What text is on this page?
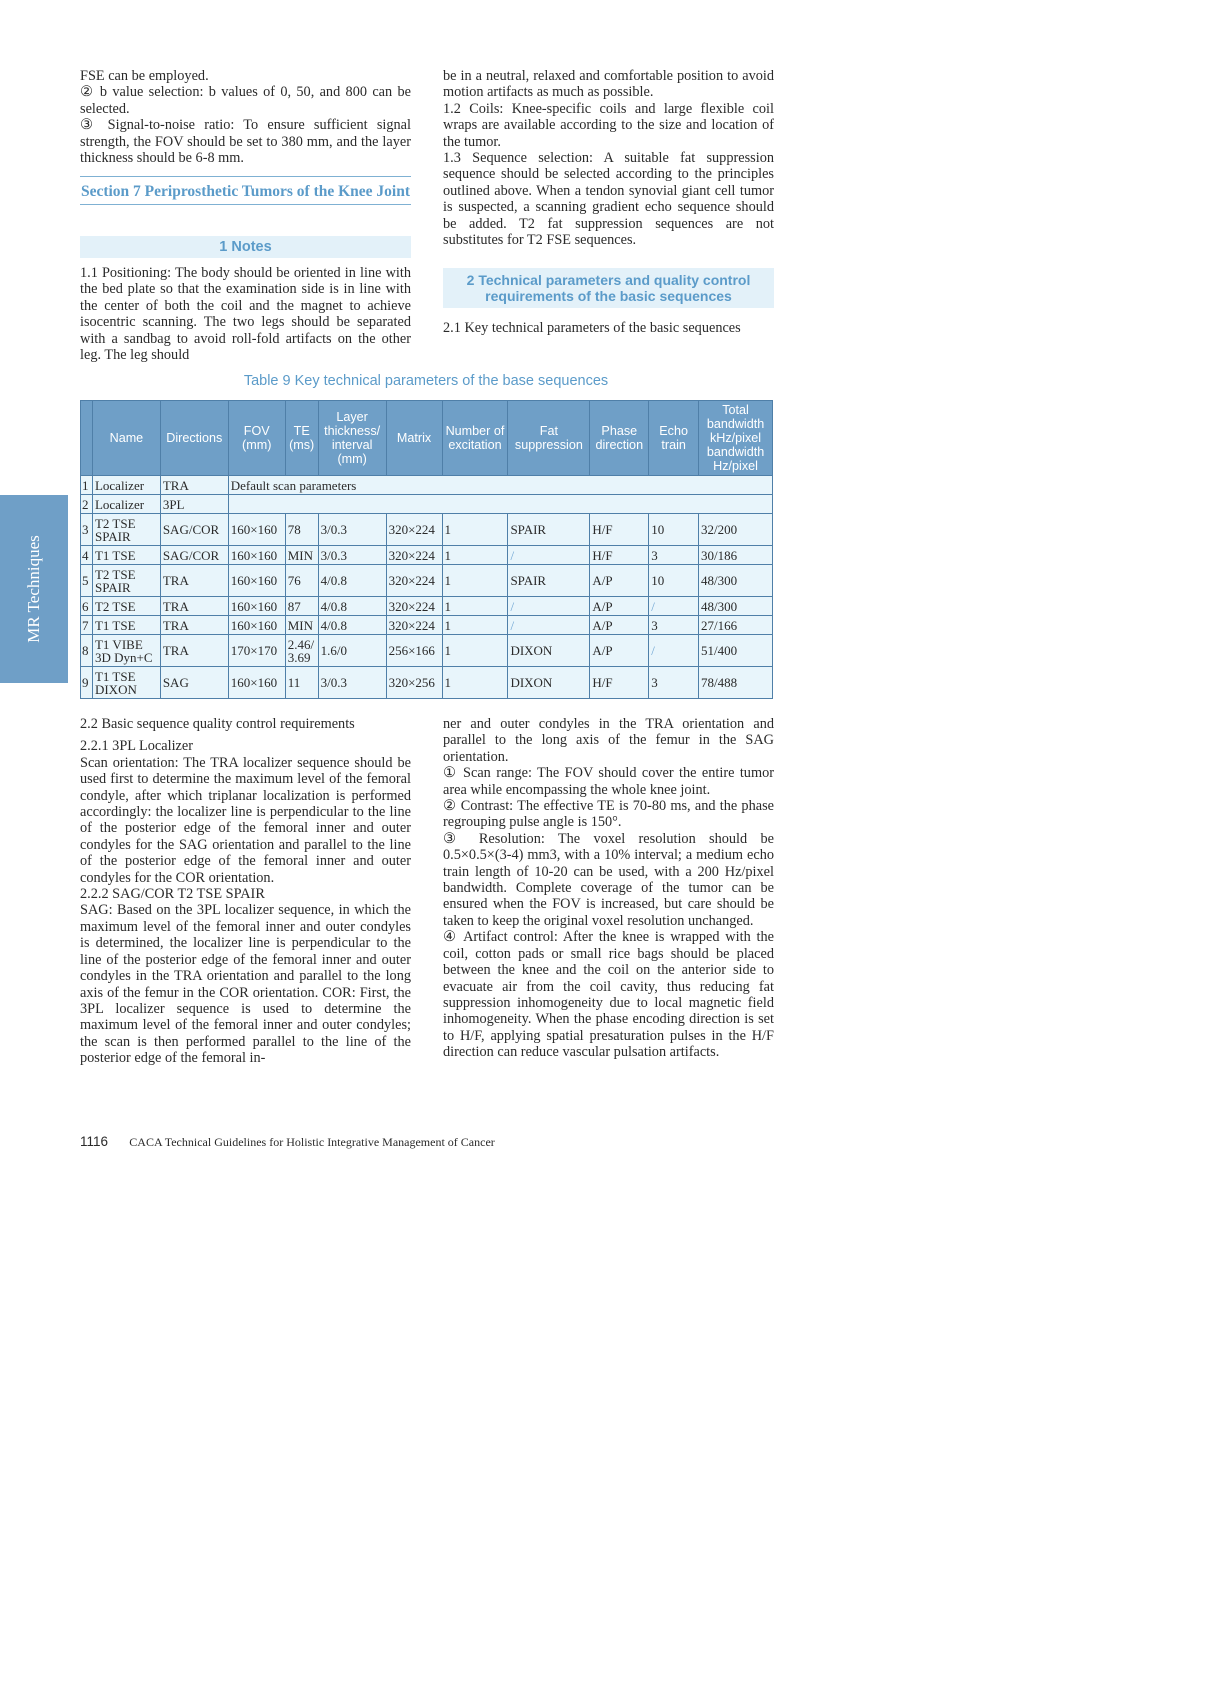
FSE can be employed.

② b value selection: b values of 0, 50, and 800 can be selected.

③ Signal-to-noise ratio: To ensure sufficient signal strength, the FOV should be set to 380 mm, and the layer thickness should be 6-8 mm.

Section 7 Periprosthetic Tumors of the Knee Joint
1 Notes

1.1 Positioning: The body should be oriented in line with the bed plate so that the examination side is in line with the center of both the coil and the magnet to achieve isocentric scanning. The two legs should be separated with a sandbag to avoid roll-fold artifacts on the other leg. The leg should

be in a neutral, relaxed and comfortable position to avoid motion artifacts as much as possible.

1.2 Coils: Knee-specific coils and large flexible coil wraps are available according to the size and location of the tumor.

1.3 Sequence selection: A suitable fat suppression sequence should be selected according to the principles outlined above. When a tendon synovial giant cell tumor is suspected, a scanning gradient echo sequence should be added. T2 fat suppression sequences are not substitutes for T2 FSE sequences.

2 Technical parameters and quality control requirements of the basic sequences

2.1 Key technical parameters of the basic sequences

Table 9 Key technical parameters of the base sequences
	Name	Directions	FOV (mm)	TE (ms)	Layer thickness/ interval (mm)	Matrix	Number of excitation	Fat suppression	Phase direction	Echo train	Total bandwidth kHz/pixel bandwidth Hz/pixel
1	Localizer	TRA	Default scan parameters								
2	Localizer	3PL									
3	T2 TSE SPAIR	SAG/COR	160×160	78	3/0.3	320×224	1	SPAIR	H/F	10	32/200
4	T1 TSE	SAG/COR	160×160	MIN	3/0.3	320×224	1	/	H/F	3	30/186
5	T2 TSE SPAIR	TRA	160×160	76	4/0.8	320×224	1	SPAIR	A/P	10	48/300
6	T2 TSE	TRA	160×160	87	4/0.8	320×224	1	/	A/P	/	48/300
7	T1 TSE	TRA	160×160	MIN	4/0.8	320×224	1	/	A/P	3	27/166
8	T1 VIBE 3D Dyn+C	TRA	170×170	2.46/ 3.69	1.6/0	256×166	1	DIXON	A/P	/	51/400
9	T1 TSE DIXON	SAG	160×160	11	3/0.3	320×256	1	DIXON	H/F	3	78/488
MR Techniques

2.2 Basic sequence quality control requirements

2.2.1 3PL Localizer

Scan orientation: The TRA localizer sequence should be used first to determine the maximum level of the femoral condyle, after which triplanar localization is performed accordingly: the localizer line is perpendicular to the line of the posterior edge of the femoral inner and outer condyles for the SAG orientation and parallel to the line of the posterior edge of the femoral inner and outer condyles for the COR orientation.

2.2.2 SAG/COR T2 TSE SPAIR

SAG: Based on the 3PL localizer sequence, in which the maximum level of the femoral inner and outer condyles is determined, the localizer line is perpendicular to the line of the posterior edge of the femoral inner and outer condyles in the TRA orientation and parallel to the long axis of the femur in the COR orientation. COR: First, the 3PL localizer sequence is used to determine the maximum level of the femoral inner and outer condyles; the scan is then performed parallel to the line of the posterior edge of the femoral in-

ner and outer condyles in the TRA orientation and parallel to the long axis of the femur in the SAG orientation.

① Scan range: The FOV should cover the entire tumor area while encompassing the whole knee joint.

② Contrast: The effective TE is 70-80 ms, and the phase regrouping pulse angle is 150°.

③ Resolution: The voxel resolution should be 0.5×0.5×(3-4) mm3, with a 10% interval; a medium echo train length of 10-20 can be used, with a 200 Hz/pixel bandwidth. Complete coverage of the tumor can be ensured when the FOV is increased, but care should be taken to keep the original voxel resolution unchanged.

④ Artifact control: After the knee is wrapped with the coil, cotton pads or small rice bags should be placed between the knee and the coil on the anterior side to evacuate air from the coil cavity, thus reducing fat suppression inhomogeneity due to local magnetic field inhomogeneity. When the phase encoding direction is set to H/F, applying spatial presaturation pulses in the H/F direction can reduce vascular pulsation artifacts.

1116 CACA Technical Guidelines for Holistic Integrative Management of Cancer
